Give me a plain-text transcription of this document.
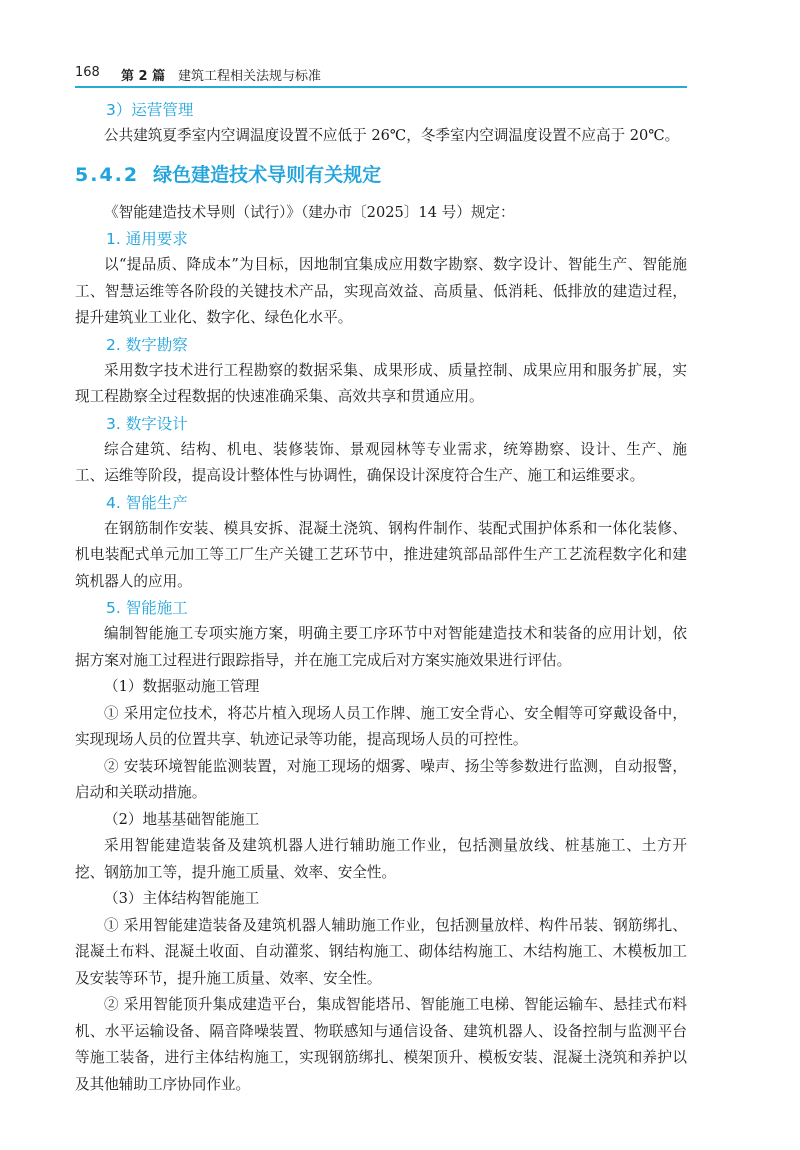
168 第 2 篇 建筑工程相关法规与标准
3）运营管理

公共建筑夏季室内空调温度设置不应低于 26℃，冬季室内空调温度设置不应高于 20℃。

5.4.2 绿色建造技术导则有关规定

《智能建造技术导则（试行）》（建办市〔2025〕14 号）规定：

1. 通用要求

以“提品质、降成本”为目标，因地制宜集成应用数字勘察、数字设计、智能生产、智能施工、智慧运维等各阶段的关键技术产品，实现高效益、高质量、低消耗、低排放的建造过程，提升建筑业工业化、数字化、绿色化水平。

2. 数字勘察

采用数字技术进行工程勘察的数据采集、成果形成、质量控制、成果应用和服务扩展，实现工程勘察全过程数据的快速准确采集、高效共享和贯通应用。

3. 数字设计

综合建筑、结构、机电、装修装饰、景观园林等专业需求，统筹勘察、设计、生产、施工、运维等阶段，提高设计整体性与协调性，确保设计深度符合生产、施工和运维要求。

4. 智能生产

在钢筋制作安装、模具安拆、混凝土浇筑、钢构件制作、装配式围护体系和一体化装修、机电装配式单元加工等工厂生产关键工艺环节中，推进建筑部品部件生产工艺流程数字化和建筑机器人的应用。

5. 智能施工

编制智能施工专项实施方案，明确主要工序环节中对智能建造技术和装备的应用计划，依据方案对施工过程进行跟踪指导，并在施工完成后对方案实施效果进行评估。

（1）数据驱动施工管理

① 采用定位技术，将芯片植入现场人员工作牌、施工安全背心、安全帽等可穿戴设备中，实现现场人员的位置共享、轨迹记录等功能，提高现场人员的可控性。

② 安装环境智能监测装置，对施工现场的烟雾、噪声、扬尘等参数进行监测，自动报警，启动和关联动措施。

（2）地基基础智能施工

采用智能建造装备及建筑机器人进行辅助施工作业，包括测量放线、桩基施工、土方开挖、钢筋加工等，提升施工质量、效率、安全性。

（3）主体结构智能施工

① 采用智能建造装备及建筑机器人辅助施工作业，包括测量放样、构件吊装、钢筋绑扎、混凝土布料、混凝土收面、自动灌浆、钢结构施工、砌体结构施工、木结构施工、木模板加工及安装等环节，提升施工质量、效率、安全性。

② 采用智能顶升集成建造平台，集成智能塔吊、智能施工电梯、智能运输车、悬挂式布料机、水平运输设备、隔音降噪装置、物联感知与通信设备、建筑机器人、设备控制与监测平台等施工装备，进行主体结构施工，实现钢筋绑扎、模架顶升、模板安装、混凝土浇筑和养护以及其他辅助工序协同作业。
